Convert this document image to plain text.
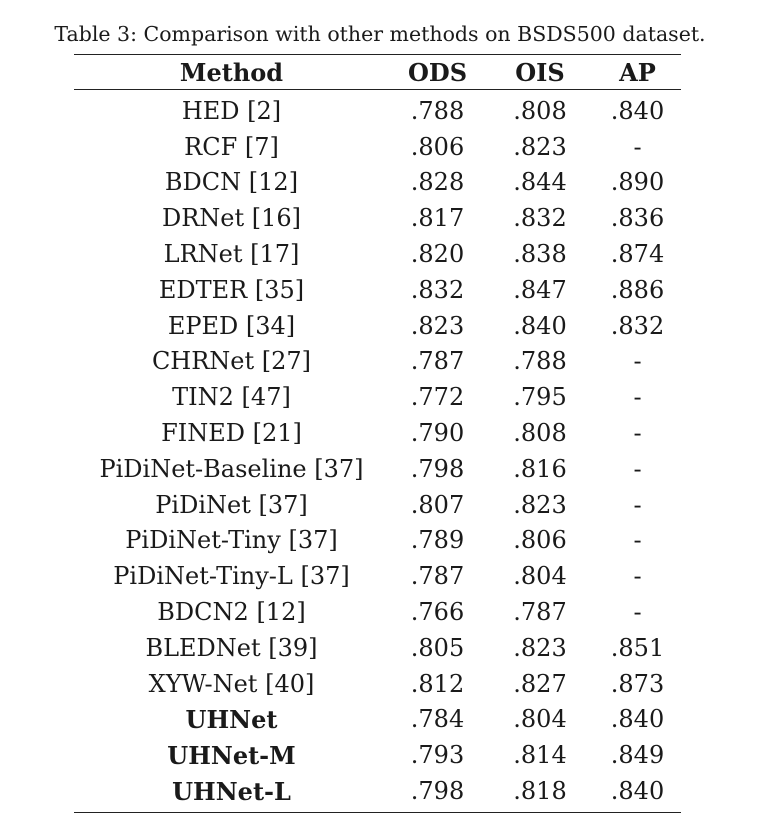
Table 3: Comparison with other methods on BSDS500 dataset.
Method	ODS	OIS	AP
HED [2]	.788	.808	.840
RCF [7]	.806	.823	-
BDCN [12]	.828	.844	.890
DRNet [16]	.817	.832	.836
LRNet [17]	.820	.838	.874
EDTER [35]	.832	.847	.886
EPED [34]	.823	.840	.832
CHRNet [27]	.787	.788	-
TIN2 [47]	.772	.795	-
FINED [21]	.790	.808	-
PiDiNet-Baseline [37]	.798	.816	-
PiDiNet [37]	.807	.823	-
PiDiNet-Tiny [37]	.789	.806	-
PiDiNet-Tiny-L [37]	.787	.804	-
BDCN2 [12]	.766	.787	-
BLEDNet [39]	.805	.823	.851
XYW-Net [40]	.812	.827	.873
UHNet	.784	.804	.840
UHNet-M	.793	.814	.849
UHNet-L	.798	.818	.840
